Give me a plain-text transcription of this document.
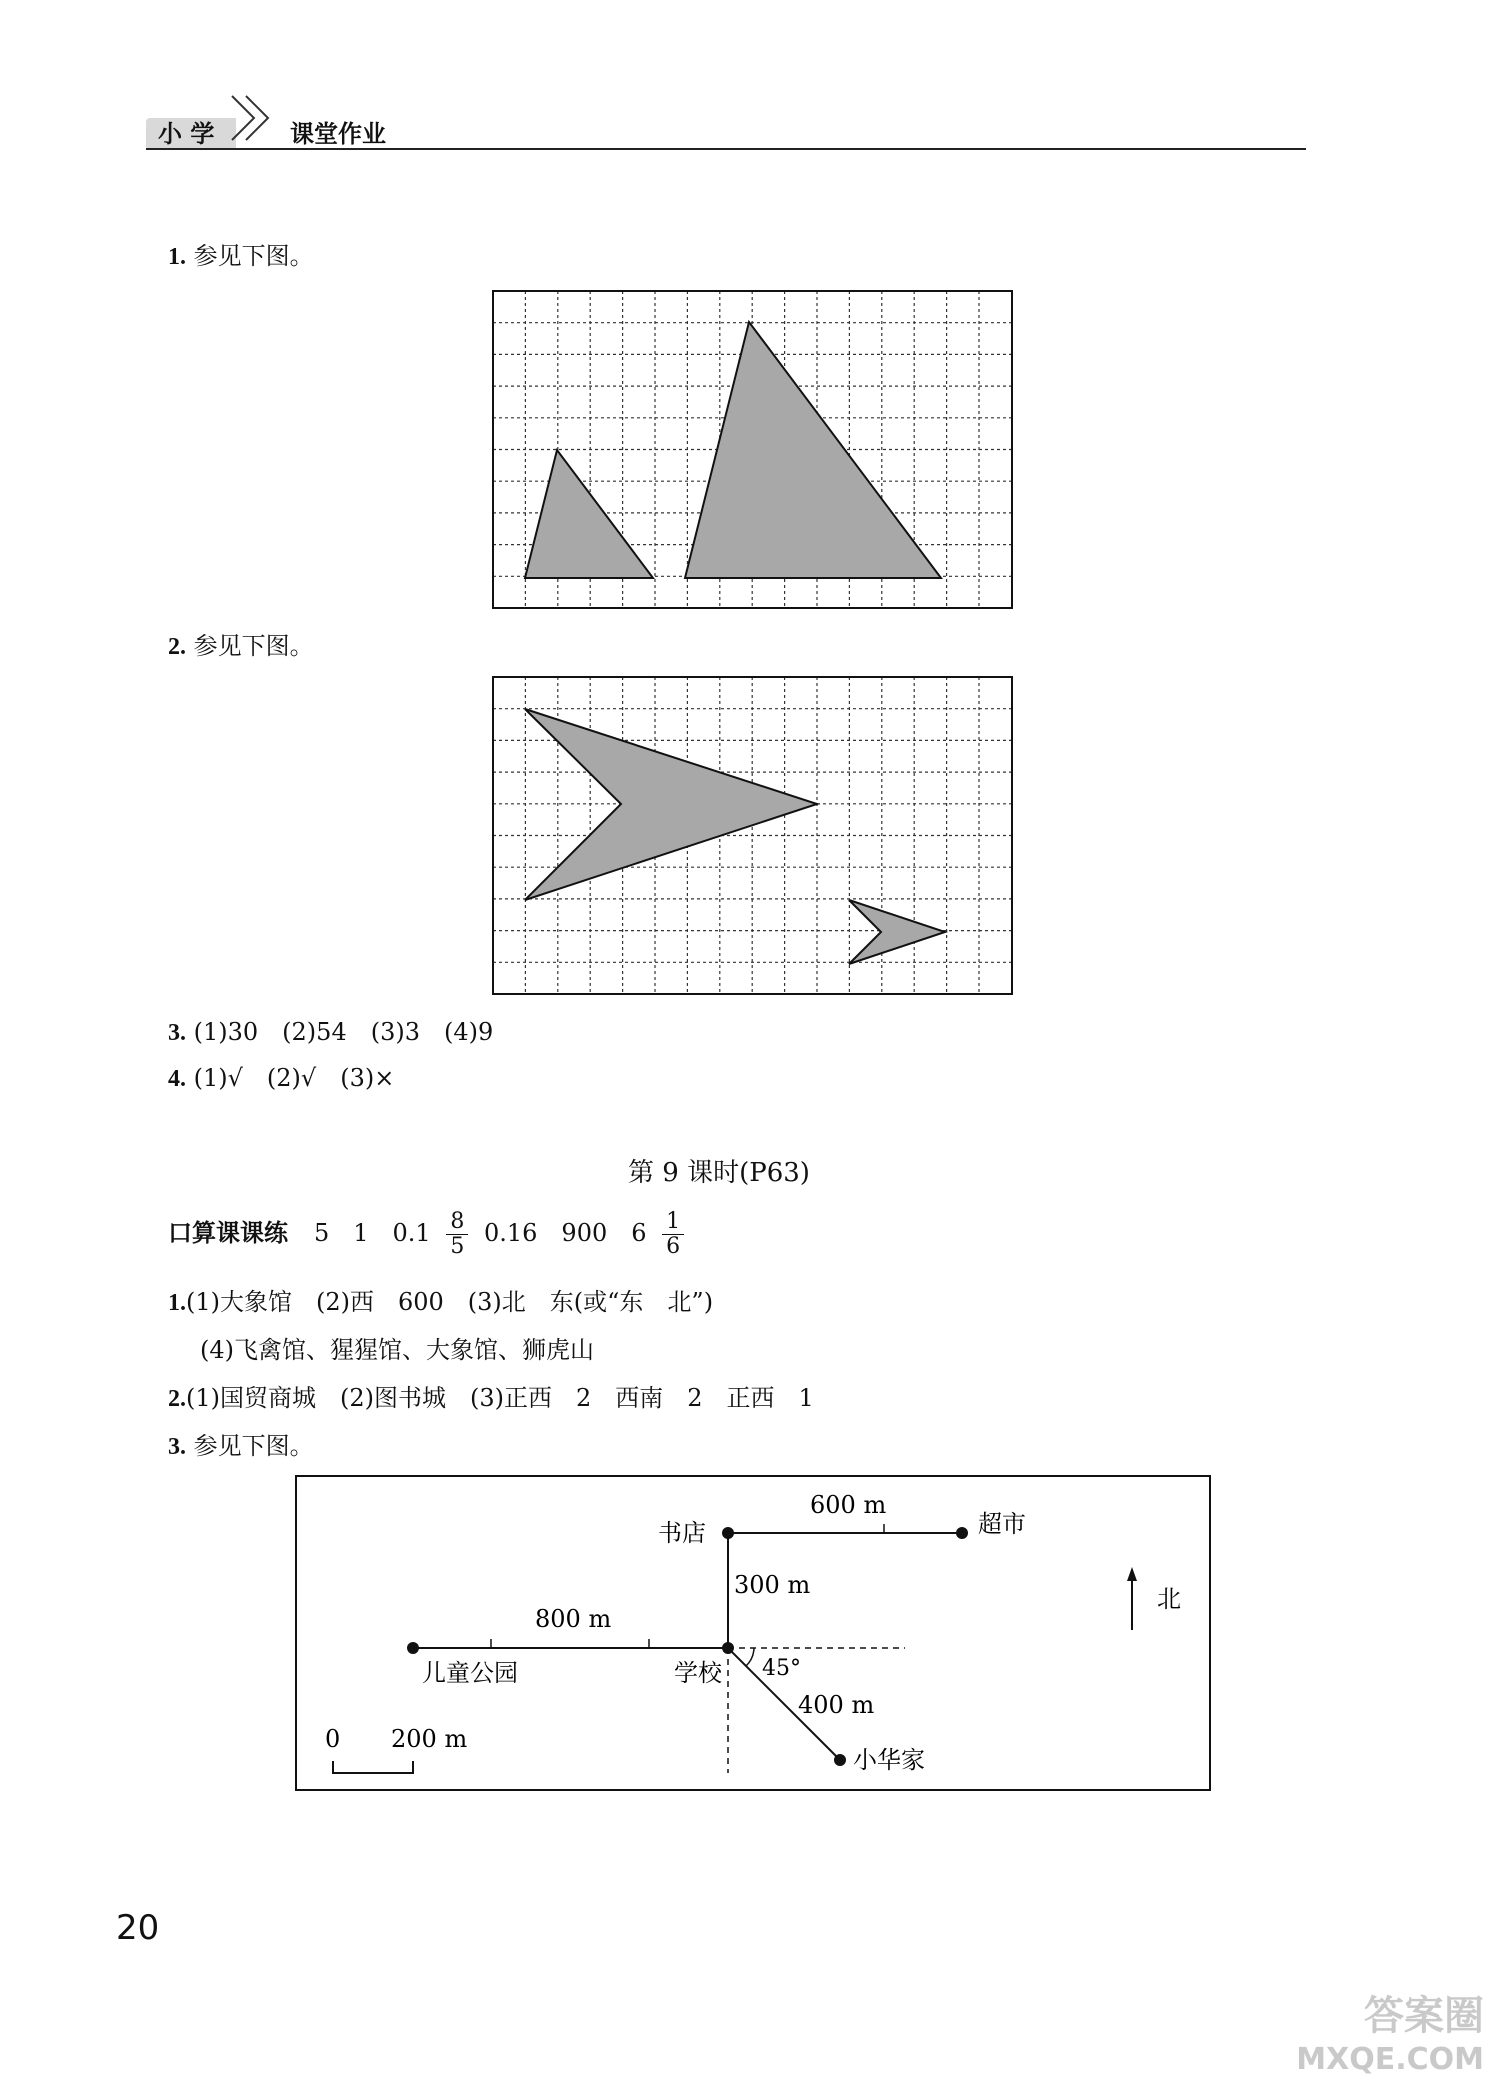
小 学	课堂作业
1. 参见下图。
2. 参见下图。
3. (1)30　(2)54　(3)3　(4)9
4. (1)√　(2)√　(3)×
第 9 课时(P63)
口算课课练 5　1　$0.1 \frac{8}{5} 0.16$　900　$6 \frac{1}{6}$
1.(1)大象馆　(2)西　600　(3)北　东(或“东　北”)
(4)飞禽馆、猩猩馆、大象馆、狮虎山
2.(1)国贸商城　(2)图书城　(3)正西　2　西南　2　正西　1
3. 参见下图。
书店	超市
学校
儿童公园
小华家
北
600 m
300 m
800 m
400 m
45°
0 200 m
20
答案圈
MXQE.COM
